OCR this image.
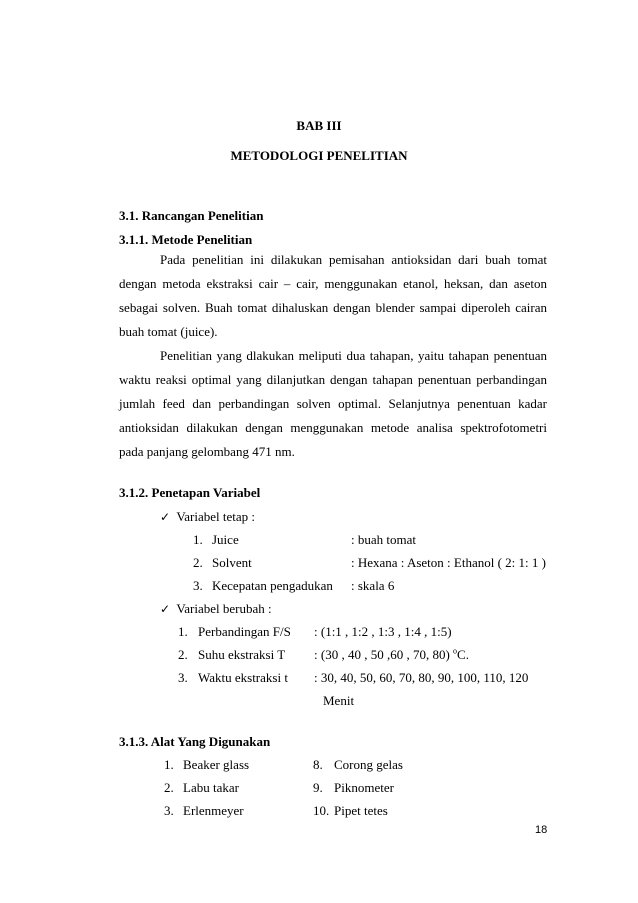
BAB III
METODOLOGI PENELITIAN
3.1. Rancangan Penelitian
3.1.1. Metode Penelitian
Pada penelitian ini dilakukan pemisahan antioksidan dari buah tomat
dengan metoda ekstraksi cair – cair, menggunakan etanol, heksan, dan aseton
sebagai solven. Buah tomat dihaluskan dengan blender sampai diperoleh cairan
buah tomat (juice).
Penelitian yang dlakukan meliputi dua tahapan, yaitu tahapan penentuan
waktu reaksi optimal yang dilanjutkan dengan tahapan penentuan perbandingan
jumlah feed dan perbandingan solven optimal. Selanjutnya penentuan kadar
antioksidan dilakukan dengan menggunakan metode analisa spektrofotometri
pada panjang gelombang 471 nm.
3.1.2. Penetapan Variabel
✓ Variabel tetap :
1. Juice	: buah tomat
2. Solvent	: Hexana : Aseton : Ethanol ( 2: 1: 1 )
3. Kecepatan pengadukan : skala 6
✓ Variabel berubah :
1. Perbandingan F/S : (1:1 , 1:2 , 1:3 , 1:4 , 1:5)
2. Suhu ekstraksi T : (30 , 40 , 50 ,60 , 70, 80) $^o$C.
3. Waktu ekstraksi t : 30, 40, 50, 60, 70, 80, 90, 100, 110, 120
Menit
3.1.3. Alat Yang Digunakan
1. Beaker glass	8. Corong gelas
2. Labu takar	9. Piknometer
3. Erlenmeyer	10. Pipet tetes
18
